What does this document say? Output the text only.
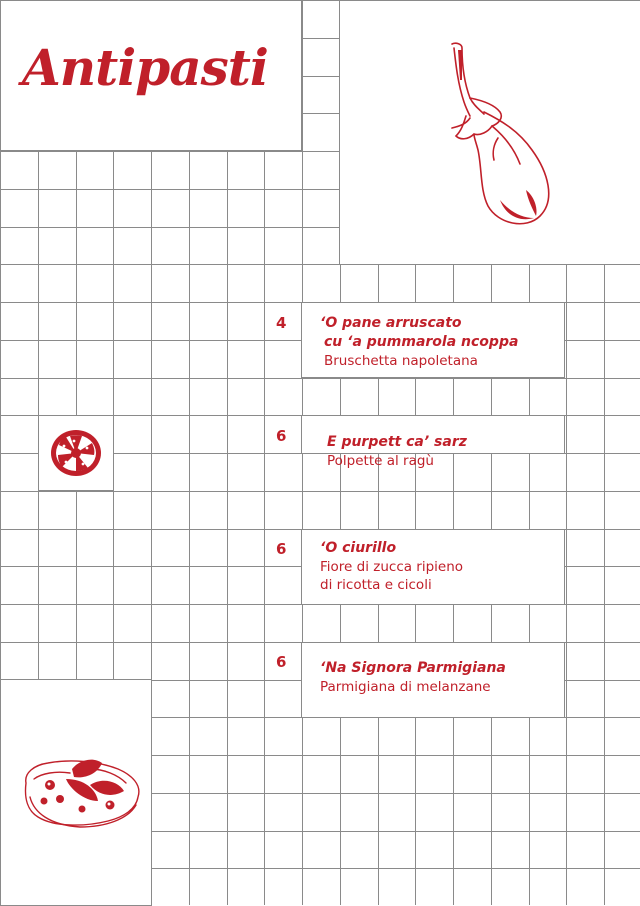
Antipasti
4	‘O pane arruscato
cu ‘a pummarola ncoppa
Bruschetta napoletana
6	E purpett ca’ sarz
Polpette al ragù
6	‘O ciurillo
Fiore di zucca ripieno
di ricotta e cicoli
6	‘Na Signora Parmigiana
Parmigiana di melanzane
